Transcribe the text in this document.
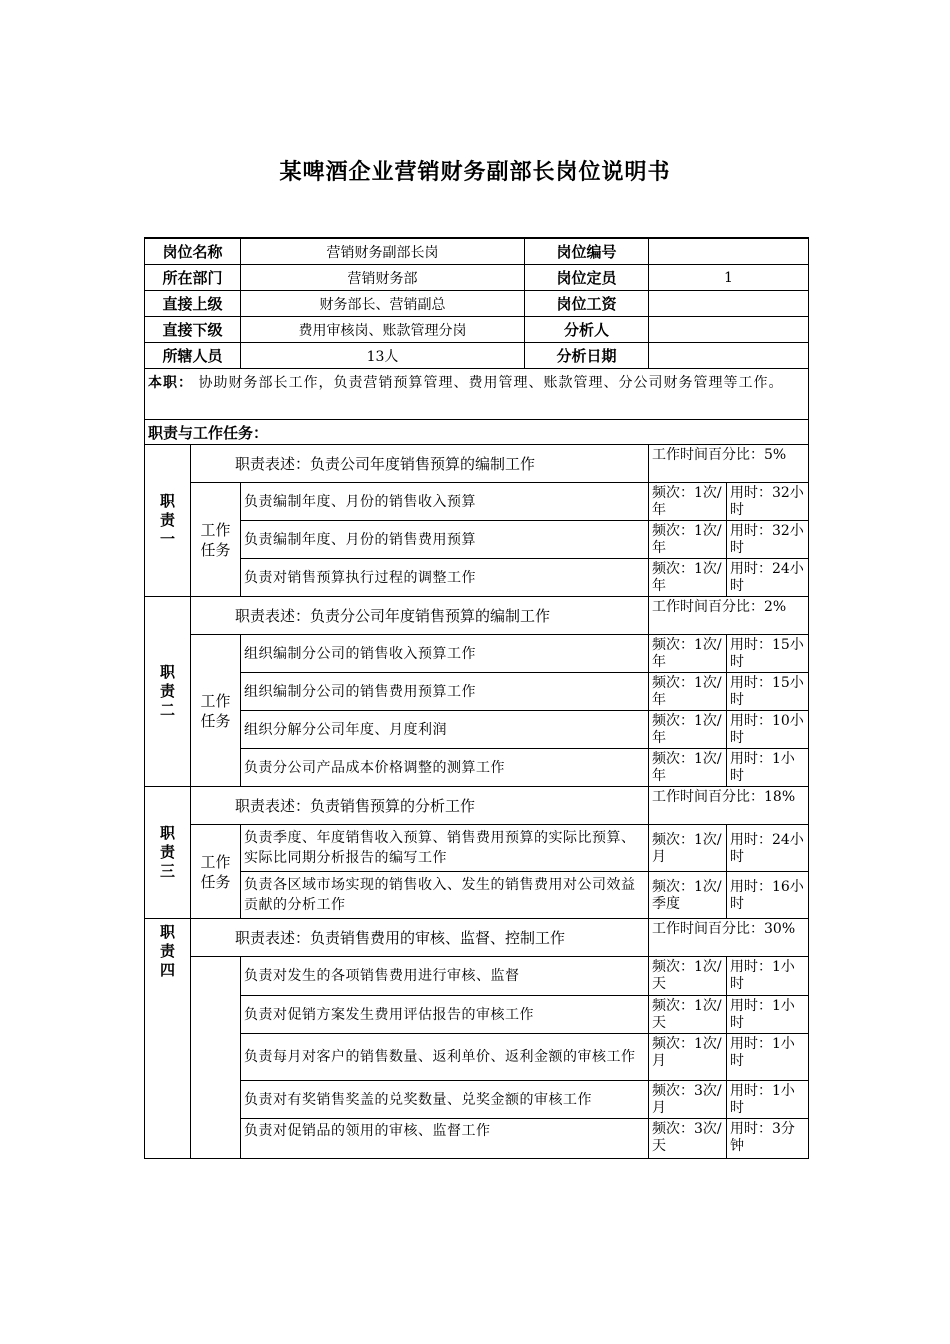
某啤酒企业营销财务副部长岗位说明书
岗位名称		营销财务副部长岗	岗位编号		
所在部门		营销财务部	岗位定员	1	
直接上级		财务部长、营销副总	岗位工资		
直接下级		费用审核岗、账款管理分岗	分析人		
所辖人员		13人	分析日期		
本职： 协助财务部长工作，负责营销预算管理、费用管理、账款管理、分公司财务管理等工作。					
职责与工作任务：					
职责一	职责表述：负责公司年度销售预算的编制工作			工作时间百分比：5%	
	工作任务	负责编制年度、月份的销售收入预算		频次：1次/年	用时：32小时
		负责编制年度、月份的销售费用预算		频次：1次/年	用时：32小时
		负责对销售预算执行过程的调整工作		频次：1次/年	用时：24小时
职责二	职责表述：负责分公司年度销售预算的编制工作			工作时间百分比：2%	
	工作任务	组织编制分公司的销售收入预算工作		频次：1次/年	用时：15小时
		组织编制分公司的销售费用预算工作		频次：1次/年	用时：15小时
		组织分解分公司年度、月度利润		频次：1次/年	用时：10小时
		负责分公司产品成本价格调整的测算工作		频次：1次/年	用时：1小时
职责三	职责表述：负责销售预算的分析工作			工作时间百分比：18%	
	工作任务	负责季度、年度销售收入预算、销售费用预算的实际比预算、实际比同期分析报告的编写工作		频次：1次/月	用时：24小时
		负责各区域市场实现的销售收入、发生的销售费用对公司效益贡献的分析工作		频次：1次/季度	用时：16小时
职责四	职责表述：负责销售费用的审核、监督、控制工作			工作时间百分比：30%	
		负责对发生的各项销售费用进行审核、监督		频次：1次/天	用时：1小时
		负责对促销方案发生费用评估报告的审核工作		频次：1次/天	用时：1小时
		负责每月对客户的销售数量、返利单价、返利金额的审核工作		频次：1次/月	用时：1小时
		负责对有奖销售奖盖的兑奖数量、兑奖金额的审核工作		频次：3次/月	用时：1小时
		负责对促销品的领用的审核、监督工作		频次：3次/天	用时：3分钟
